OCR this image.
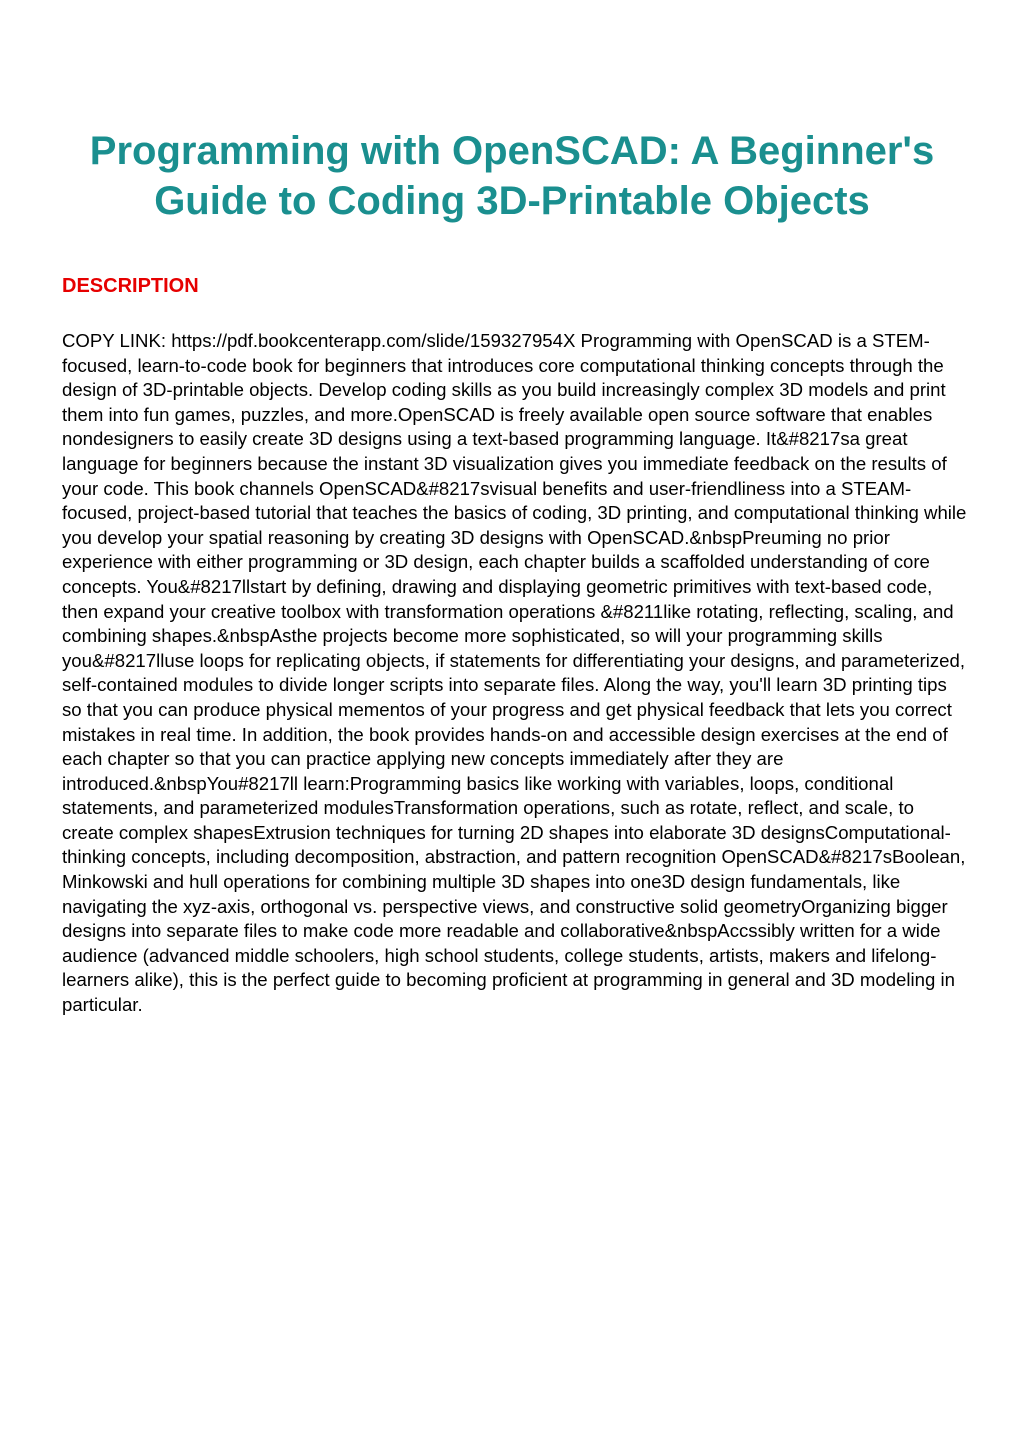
Programming with OpenSCAD: A Beginner's Guide to Coding 3D-Printable Objects
DESCRIPTION

COPY LINK: https://pdf.bookcenterapp.com/slide/159327954X Programming with OpenSCAD is a STEM-focused, learn-to-code book for beginners that introduces core computational thinking concepts through the design of 3D-printable objects. Develop coding skills as you build increasingly complex 3D models and print them into fun games, puzzles, and more.OpenSCAD is freely available open source software that enables nondesigners to easily create 3D designs using a text-based programming language. It&#8217sa great language for beginners because the instant 3D visualization gives you immediate feedback on the results of your code. This book channels OpenSCAD&#8217svisual benefits and user-friendliness into a STEAM-focused, project-based tutorial that teaches the basics of coding, 3D printing, and computational thinking while you develop your spatial reasoning by creating 3D designs with OpenSCAD.&nbspPreuming no prior experience with either programming or 3D design, each chapter builds a scaffolded understanding of core concepts. You&#8217llstart by defining, drawing and displaying geometric primitives with text-based code, then expand your creative toolbox with transformation operations &#8211like rotating, reflecting, scaling, and combining shapes.&nbspAsthe projects become more sophisticated, so will your programming skills you&#8217lluse loops for replicating objects, if statements for differentiating your designs, and parameterized, self-contained modules to divide longer scripts into separate files. Along the way, you'll learn 3D printing tips so that you can produce physical mementos of your progress and get physical feedback that lets you correct mistakes in real time. In addition, the book provides hands-on and accessible design exercises at the end of each chapter so that you can practice applying new concepts immediately after they are introduced.&nbspYou#8217ll learn:Programming basics like working with variables, loops, conditional statements, and parameterized modulesTransformation operations, such as rotate, reflect, and scale, to create complex shapesExtrusion techniques for turning 2D shapes into elaborate 3D designsComputational-thinking concepts, including decomposition, abstraction, and pattern recognition OpenSCAD&#8217sBoolean, Minkowski and hull operations for combining multiple 3D shapes into one3D design fundamentals, like navigating the xyz-axis, orthogonal vs. perspective views, and constructive solid geometryOrganizing bigger designs into separate files to make code more readable and collaborative&nbspAccssibly written for a wide audience (advanced middle schoolers, high school students, college students, artists, makers and lifelong-learners alike), this is the perfect guide to becoming proficient at programming in general and 3D modeling in particular.
